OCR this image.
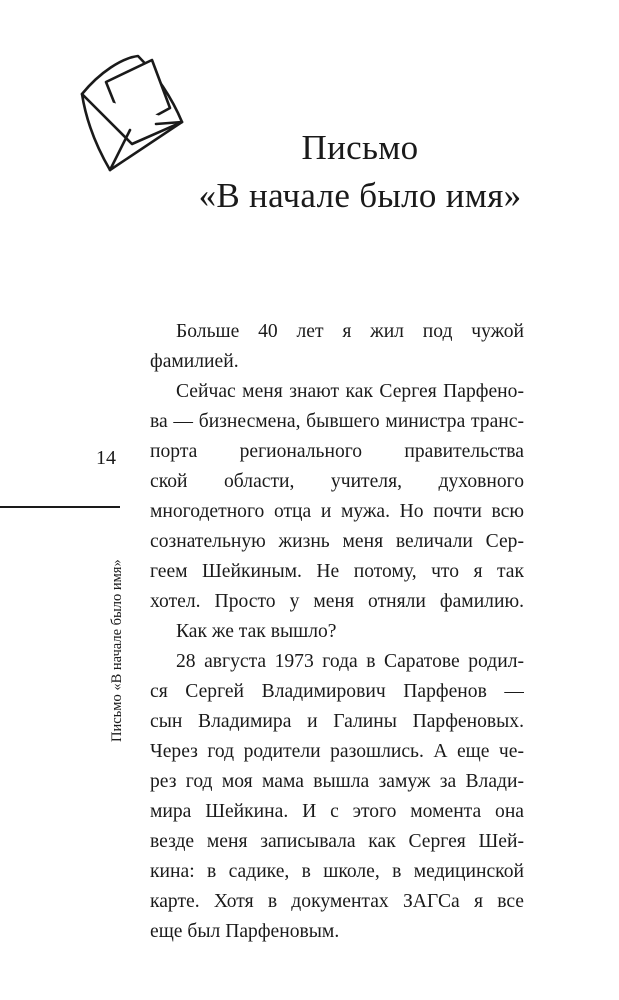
Письмо
«В начале было имя»
14
Письмо «В начале было имя»
Больше 40 лет я жил под чужой
фамилией.
Сейчас меня знают как Сергея Парфено-
ва — бизнесмена, бывшего министра транс-
порта регионального правительства
ской области, учителя, духовного
многодетного отца и мужа. Но почти всю
сознательную жизнь меня величали Сер-
геем Шейкиным. Не потому, что я так
хотел. Просто у меня отняли фамилию.
Как же так вышло?
28 августа 1973 года в Саратове родил-
ся Сергей Владимирович Парфенов —
сын Владимира и Галины Парфеновых.
Через год родители разошлись. А еще че-
рез год моя мама вышла замуж за Влади-
мира Шейкина. И с этого момента она
везде меня записывала как Сергея Шей-
кина: в садике, в школе, в медицинской
карте. Хотя в документах ЗАГСа я все
еще был Парфеновым.
